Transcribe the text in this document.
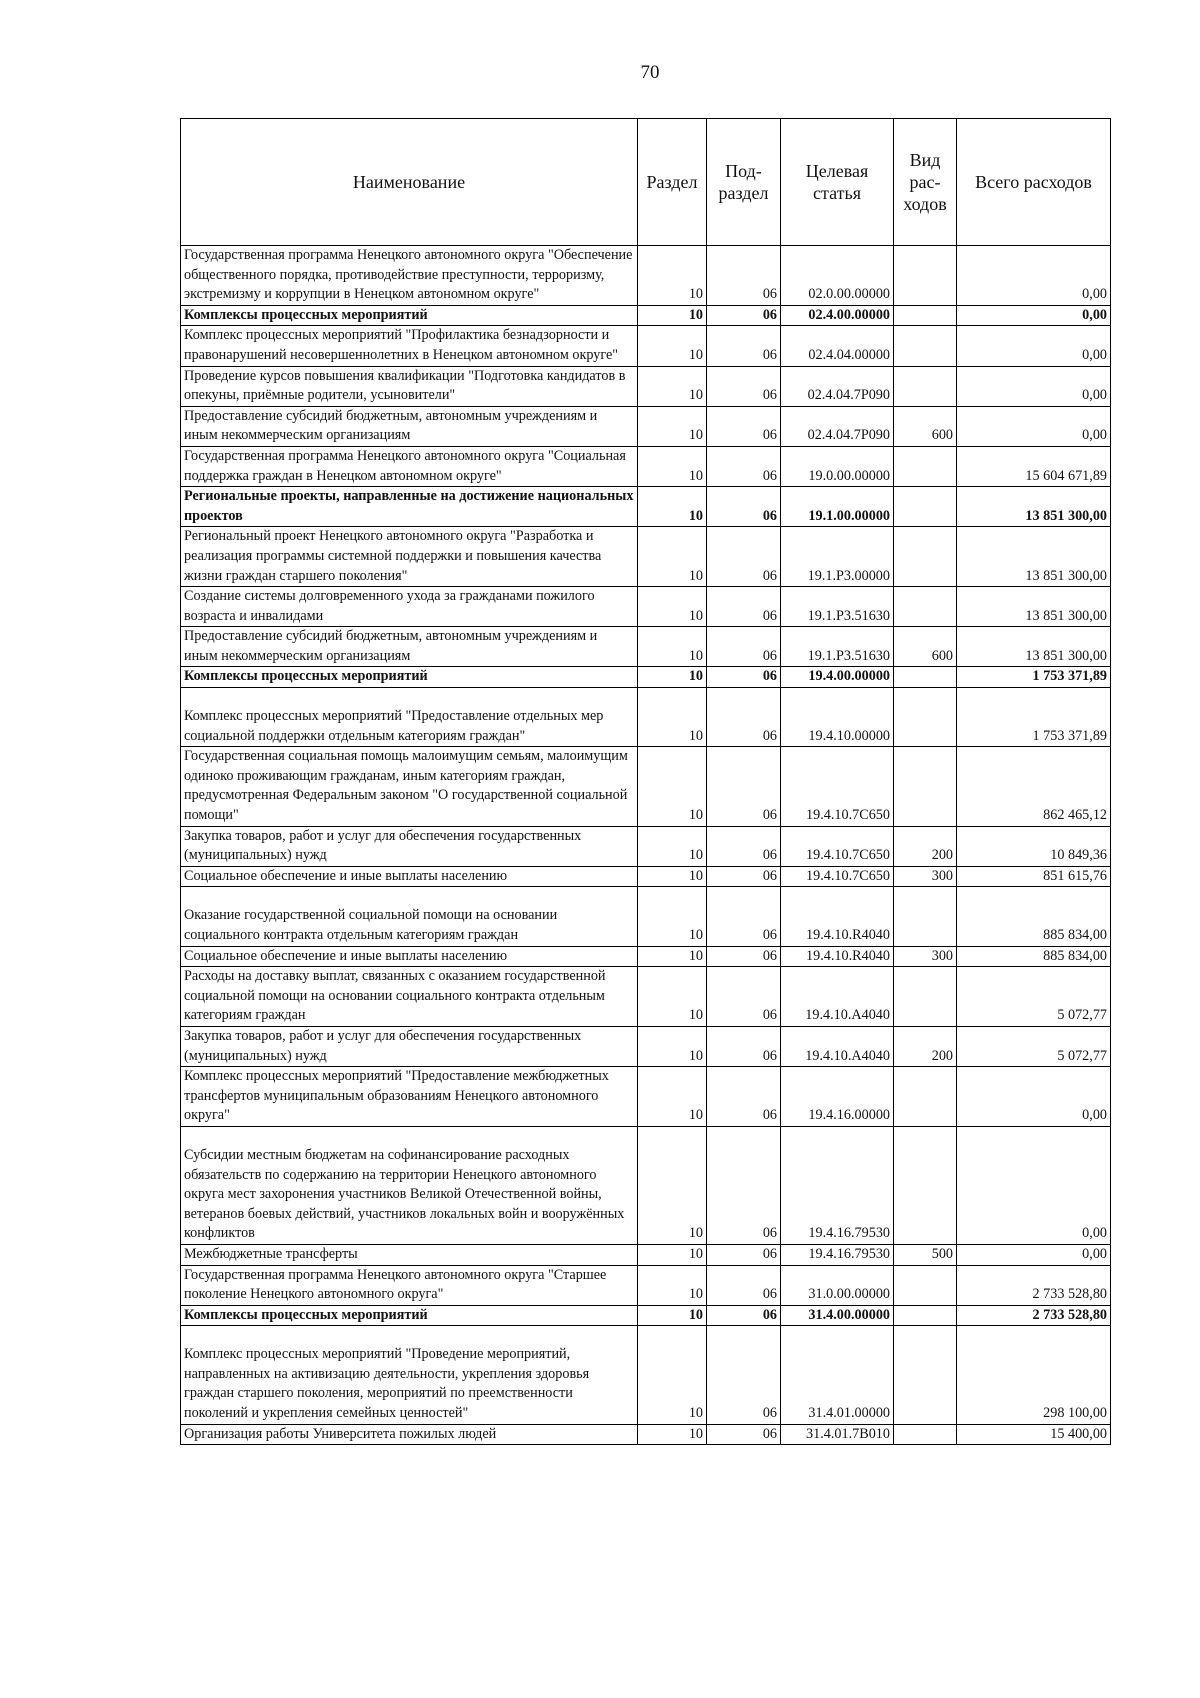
70
Наименование	Раздел	Под-раздел	Целевая статья	Вид рас-ходов	Всего расходов
Государственная программа Ненецкого автономного округа "Обеспечение общественного порядка, противодействие преступности, терроризму, экстремизму и коррупции в Ненецком автономном округе"	10	06	02.0.00.00000		0,00
Комплексы процессных мероприятий	10	06	02.4.00.00000		0,00
Комплекс процессных мероприятий "Профилактика безнадзорности и правонарушений несовершеннолетних в Ненецком автономном округе"	10	06	02.4.04.00000		0,00
Проведение курсов повышения квалификации "Подготовка кандидатов в опекуны, приёмные родители, усыновители"	10	06	02.4.04.7Р090		0,00
Предоставление субсидий бюджетным, автономным учреждениям и иным некоммерческим организациям	10	06	02.4.04.7Р090	600	0,00
Государственная программа Ненецкого автономного округа "Социальная поддержка граждан в Ненецком автономном округе"	10	06	19.0.00.00000		15 604 671,89
Региональные проекты, направленные на достижение национальных проектов	10	06	19.1.00.00000		13 851 300,00
Региональный проект Ненецкого автономного округа "Разработка и реализация программы системной поддержки и повышения качества жизни граждан старшего поколения"	10	06	19.1.Р3.00000		13 851 300,00
Создание системы долговременного ухода за гражданами пожилого возраста и инвалидами	10	06	19.1.Р3.51630		13 851 300,00
Предоставление субсидий бюджетным, автономным учреждениям и иным некоммерческим организациям	10	06	19.1.Р3.51630	600	13 851 300,00
Комплексы процессных мероприятий	10	06	19.4.00.00000		1 753 371,89
Комплекс процессных мероприятий "Предоставление отдельных мер социальной поддержки отдельным категориям граждан"	10	06	19.4.10.00000		1 753 371,89
Государственная социальная помощь малоимущим семьям, малоимущим одиноко проживающим гражданам, иным категориям граждан, предусмотренная Федеральным законом "О государственной социальной помощи"	10	06	19.4.10.7С650		862 465,12
Закупка товаров, работ и услуг для обеспечения государственных (муниципальных) нужд	10	06	19.4.10.7С650	200	10 849,36
Социальное обеспечение и иные выплаты населению	10	06	19.4.10.7С650	300	851 615,76
Оказание государственной социальной помощи на основании социального контракта отдельным категориям граждан	10	06	19.4.10.R4040		885 834,00
Социальное обеспечение и иные выплаты населению	10	06	19.4.10.R4040	300	885 834,00
Расходы на доставку выплат, связанных с оказанием государственной социальной помощи на основании социального контракта отдельным категориям граждан	10	06	19.4.10.А4040		5 072,77
Закупка товаров, работ и услуг для обеспечения государственных (муниципальных) нужд	10	06	19.4.10.А4040	200	5 072,77
Комплекс процессных мероприятий "Предоставление межбюджетных трансфертов муниципальным образованиям Ненецкого автономного округа"	10	06	19.4.16.00000		0,00
Субсидии местным бюджетам на софинансирование расходных обязательств по содержанию на территории Ненецкого автономного округа мест захоронения участников Великой Отечественной войны, ветеранов боевых действий, участников локальных войн и вооружённых конфликтов	10	06	19.4.16.79530		0,00
Межбюджетные трансферты	10	06	19.4.16.79530	500	0,00
Государственная программа Ненецкого автономного округа "Старшее поколение Ненецкого автономного округа"	10	06	31.0.00.00000		2 733 528,80
Комплексы процессных мероприятий	10	06	31.4.00.00000		2 733 528,80
Комплекс процессных мероприятий "Проведение мероприятий, направленных на активизацию деятельности, укрепления здоровья граждан старшего поколения, мероприятий по преемственности поколений и укрепления семейных ценностей"	10	06	31.4.01.00000		298 100,00
Организация работы Университета пожилых людей	10	06	31.4.01.7В010		15 400,00
